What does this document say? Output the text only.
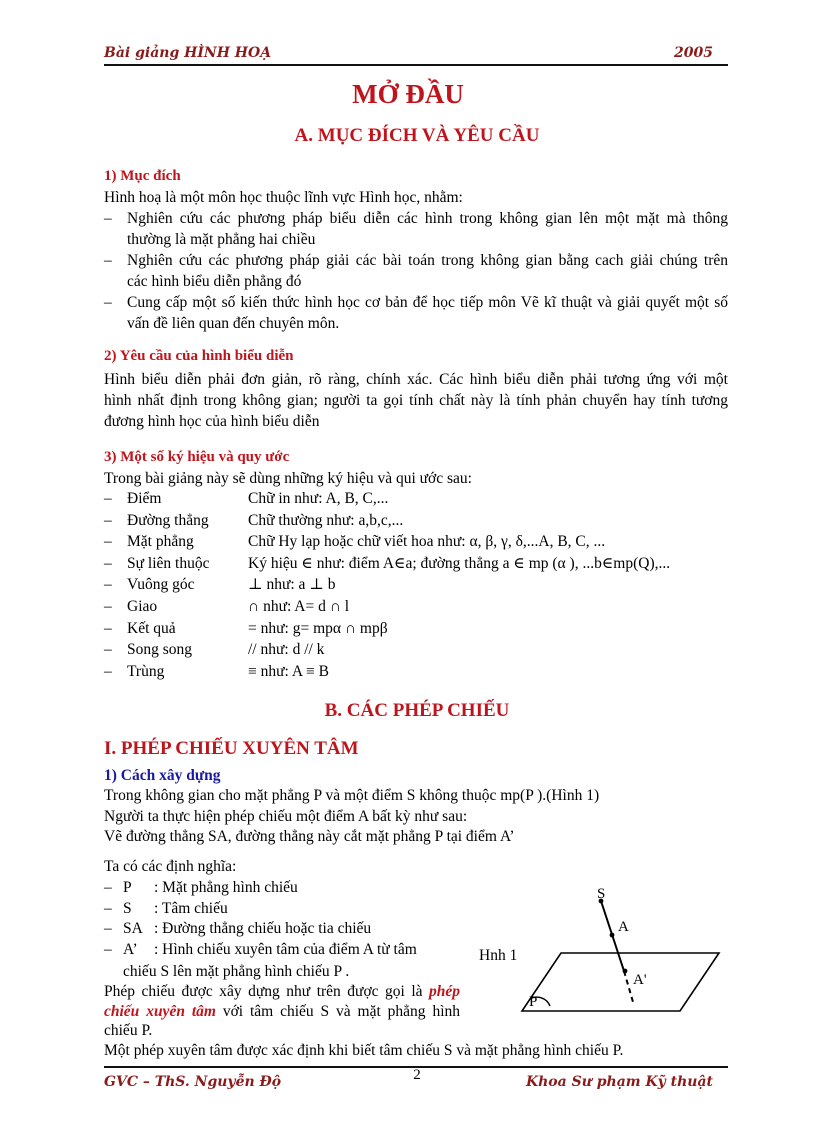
Bài giảng HÌNH HOẠ	2005
MỞ ĐẦU
A. MỤC ĐÍCH VÀ YÊU CẦU
1) Mục đích
Hình hoạ là một môn học thuộc lĩnh vực Hình học, nhằm:
– Nghiên cứu các phương pháp biểu diễn các hình trong không gian lên một mặt mà thông
thường là mặt phẳng hai chiều
– Nghiên cứu các phương pháp giải các bài toán trong không gian bằng cach giải chúng trên
các hình biểu diễn phẳng đó
– Cung cấp một số kiến thức hình học cơ bản để học tiếp môn Vẽ kĩ thuật và giải quyết một số
vấn đề liên quan đến chuyên môn.
2) Yêu cầu của hình biểu diễn
Hình biểu diễn phải đơn giản, rõ ràng, chính xác. Các hình biểu diễn phải tương ứng với một
hình nhất định trong không gian; người ta gọi tính chất này là tính phản chuyển hay tính tương
đương hình học của hình biểu diễn
3) Một số ký hiệu và quy ước
Trong bài giảng này sẽ dùng những ký hiệu và qui ước sau:
–	Điểm	Chữ in như: A, B, C,...
–	Đường thẳng	Chữ thường như: a,b,c,...
–	Mặt phẳng	Chữ Hy lạp hoặc chữ viết hoa như: α, β, γ, δ,...A, B, C, ...
–	Sự liên thuộc	Ký hiệu ∈ như: điểm A∈a; đường thẳng a ∈ mp (α ), ...b∈mp(Q),...
–	Vuông góc	⊥ như: a ⊥ b
–	Giao	∩ như: A= d ∩ l
–	Kết quả	= như: g= mpα ∩ mpβ
–	Song song	// như: d // k
–	Trùng	≡ như: A ≡ B
B. CÁC PHÉP CHIẾU
I. PHÉP CHIẾU XUYÊN TÂM
1) Cách xây dựng
Trong không gian cho mặt phẳng P và một điểm S không thuộc mp(P ).(Hình 1)
Người ta thực hiện phép chiếu một điểm A bất kỳ như sau:
Vẽ đường thẳng SA, đường thẳng này cắt mặt phẳng P tại điểm A’
Ta có các định nghĩa:
–	P	: Mặt phẳng hình chiếu
–	S	: Tâm chiếu
–	SA	: Đường thẳng chiếu hoặc tia chiếu
–	A’	: Hình chiếu xuyên tâm của điểm A từ tâm
chiếu S lên mặt phẳng hình chiếu P .
Phép chiếu được xây dựng như trên được gọi là phép
chiếu xuyên tâm với tâm chiếu S và mặt phẳng hình
chiếu P.
Một phép xuyên tâm được xác định khi biết tâm chiếu S và mặt phẳng hình chiếu P.
S
A
A'
P
Hnh 1
GVC – ThS. Nguyễn Độ	2	Khoa Sư phạm Kỹ thuật
